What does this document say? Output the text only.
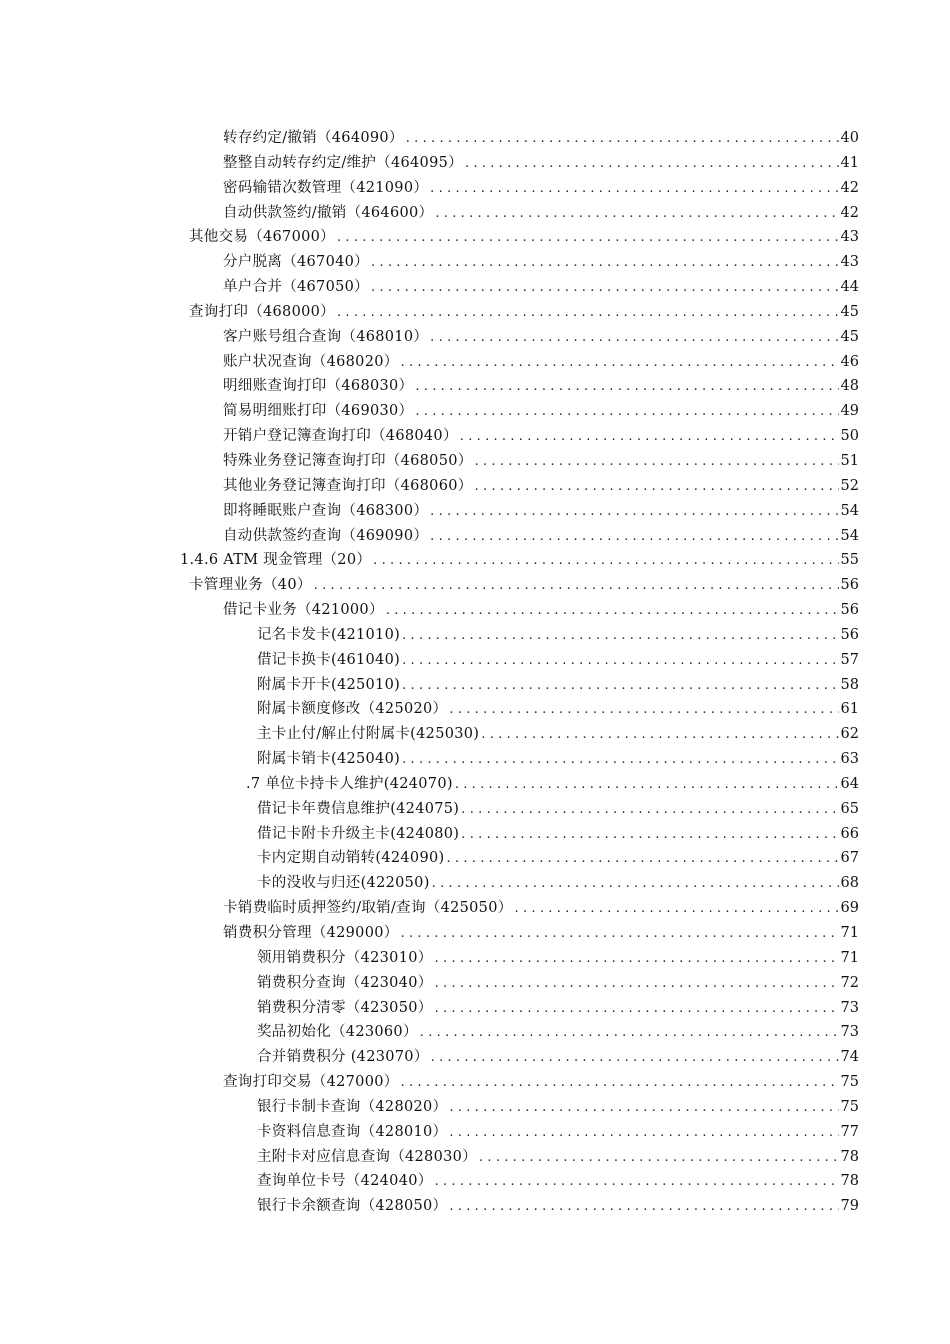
转存约定/撤销（464090） .....	40
整整自动转存约定/维护（464095） .....	41
密码输错次数管理（421090） .....	42
自动供款签约/撤销（464600） .....	42
其他交易（467000） .....	43
分户脱离（467040） .....	43
单户合并（467050） .....	44
查询打印（468000） .....	45
客户账号组合查询（468010） .....	45
账户状况查询（468020） .....	46
明细账查询打印（468030） .....	48
简易明细账打印（469030） .....	49
开销户登记簿查询打印（468040） .....	50
特殊业务登记簿查询打印（468050） .....	51
其他业务登记簿查询打印（468060） .....	52
即将睡眠账户查询（468300） .....	54
自动供款签约查询（469090） .....	54
1.4.6 ATM 现金管理（20） .....	55
卡管理业务（40） .....	56
借记卡业务（421000） .....	56
记名卡发卡(421010) .....	56
借记卡换卡(461040) .....	57
附属卡开卡(425010) .....	58
附属卡额度修改（425020） .....	61
主卡止付/解止付附属卡(425030) .....	62
附属卡销卡(425040) .....	63
.7 单位卡持卡人维护(424070) .....	64
借记卡年费信息维护(424075) .....	65
借记卡附卡升级主卡(424080) .....	66
卡内定期自动销转(424090) .....	67
卡的没收与归还(422050) .....	68
卡销费临时质押签约/取销/查询（425050） .....	69
销费积分管理（429000） .....	71
领用销费积分（423010） .....	71
销费积分查询（423040） .....	72
销费积分清零（423050） .....	73
奖品初始化（423060） .....	73
合并销费积分 (423070） .....	74
查询打印交易（427000） .....	75
银行卡制卡查询（428020） .....	75
卡资料信息查询（428010） .....	77
主附卡对应信息查询（428030） .....	78
查询单位卡号（424040） .....	78
银行卡余额查询（428050） .....	79
